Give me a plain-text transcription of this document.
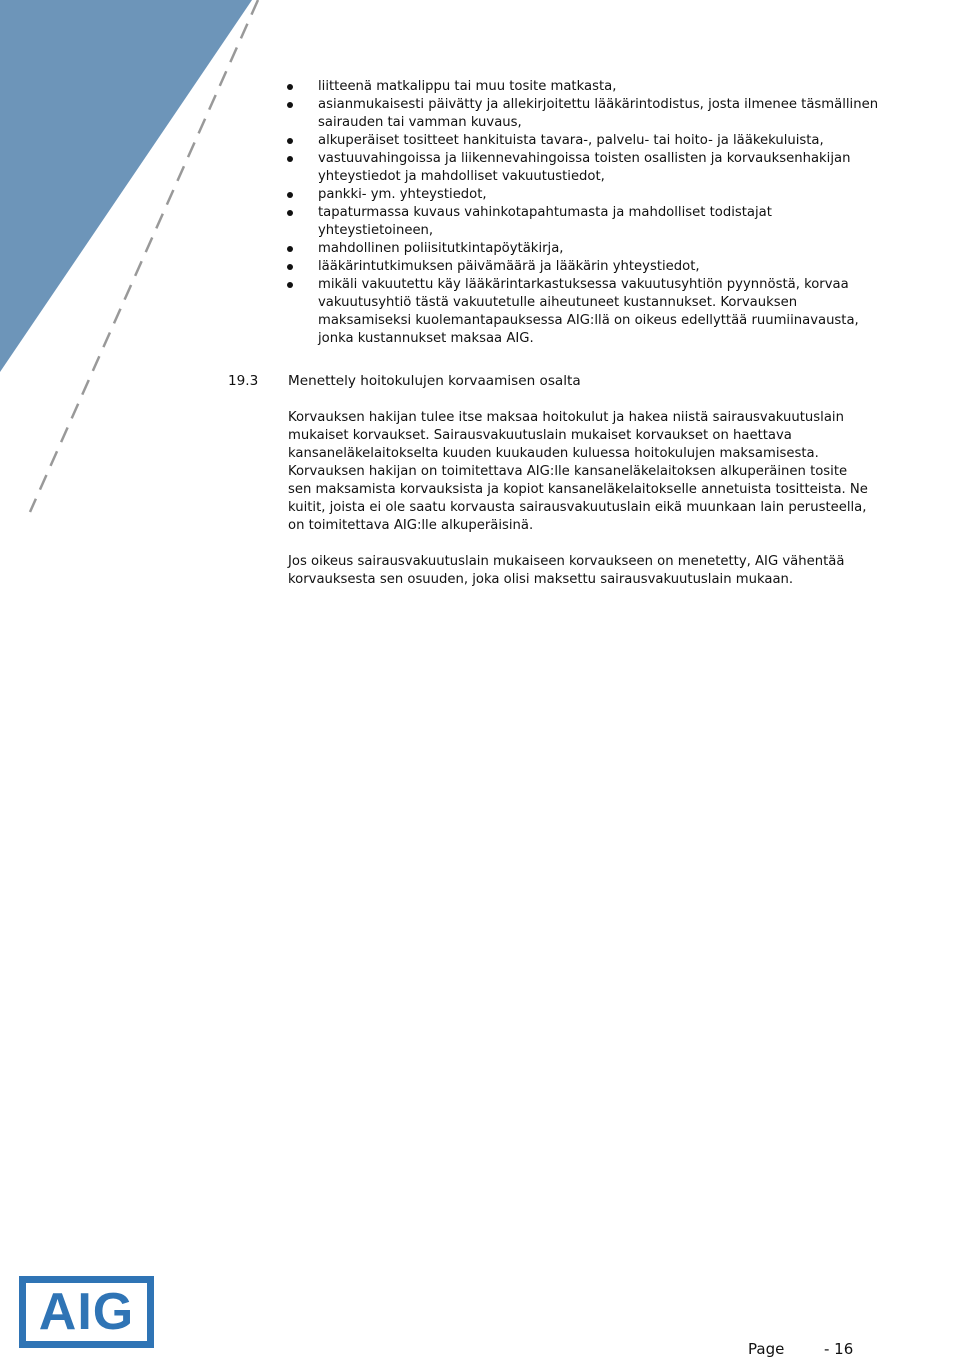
liitteenä matkalippu tai muu tosite matkasta,
asianmukaisesti päivätty ja allekirjoitettu lääkärintodistus, josta ilmenee täsmällinen
sairauden tai vamman kuvaus,
alkuperäiset tositteet hankituista tavara-, palvelu- tai hoito- ja lääkekuluista,
vastuuvahingoissa ja liikennevahingoissa toisten osallisten ja korvauksenhakijan
yhteystiedot ja mahdolliset vakuutustiedot,
pankki- ym. yhteystiedot,
tapaturmassa kuvaus vahinkotapahtumasta ja mahdolliset todistajat
yhteystietoineen,
mahdollinen poliisitutkintapöytäkirja,
lääkärintutkimuksen päivämäärä ja lääkärin yhteystiedot,
mikäli vakuutettu käy lääkärintarkastuksessa vakuutusyhtiön pyynnöstä, korvaa
vakuutusyhtiö tästä vakuutetulle aiheutuneet kustannukset. Korvauksen
maksamiseksi kuolemantapauksessa AIG:llä on oikeus edellyttää ruumiinavausta,
jonka kustannukset maksaa AIG.
19.3 Menettely hoitokulujen korvaamisen osalta

Korvauksen hakijan tulee itse maksaa hoitokulut ja hakea niistä sairausvakuutuslain
mukaiset korvaukset. Sairausvakuutuslain mukaiset korvaukset on haettava
kansaneläkelaitokselta kuuden kuukauden kuluessa hoitokulujen maksamisesta.
Korvauksen hakijan on toimitettava AIG:lle kansaneläkelaitoksen alkuperäinen tosite
sen maksamista korvauksista ja kopiot kansaneläkelaitokselle annetuista tositteista. Ne
kuitit, joista ei ole saatu korvausta sairausvakuutuslain eikä muunkaan lain perusteella,
on toimitettava AIG:lle alkuperäisinä.

Jos oikeus sairausvakuutuslain mukaiseen korvaukseen on menetetty, AIG vähentää
korvauksesta sen osuuden, joka olisi maksettu sairausvakuutuslain mukaan.

AIG
Page	- 16
